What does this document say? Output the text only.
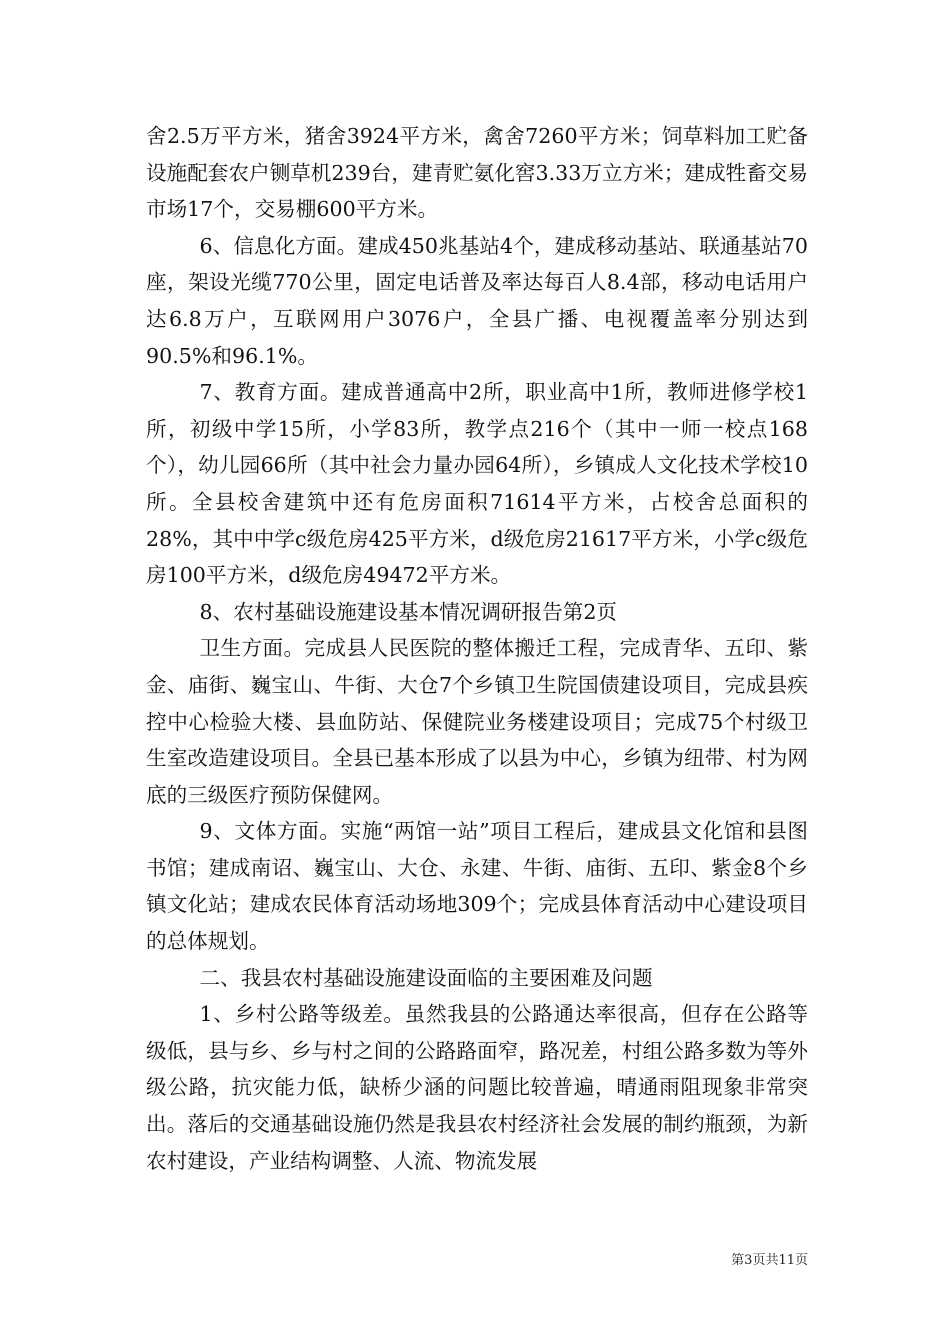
舍2.5万平方米，猪舍3924平方米，禽舍7260平方米；饲草料加工贮备设施配套农户铡草机239台，建青贮氨化窖3.33万立方米；建成牲畜交易市场17个，交易棚600平方米。

6、信息化方面。建成450兆基站4个，建成移动基站、联通基站70座，架设光缆770公里，固定电话普及率达每百人8.4部，移动电话用户达6.8万户，互联网用户3076户，全县广播、电视覆盖率分别达到90.5%和96.1%。

7、教育方面。建成普通高中2所，职业高中1所，教师进修学校1所，初级中学15所，小学83所，教学点216个（其中一师一校点168个），幼儿园66所（其中社会力量办园64所），乡镇成人文化技术学校10所。全县校舍建筑中还有危房面积71614平方米，占校舍总面积的28%，其中中学c级危房425平方米，d级危房21617平方米，小学c级危房100平方米，d级危房49472平方米。

8、农村基础设施建设基本情况调研报告第2页

卫生方面。完成县人民医院的整体搬迁工程，完成青华、五印、紫金、庙街、巍宝山、牛街、大仓7个乡镇卫生院国债建设项目，完成县疾控中心检验大楼、县血防站、保健院业务楼建设项目；完成75个村级卫生室改造建设项目。全县已基本形成了以县为中心，乡镇为纽带、村为网底的三级医疗预防保健网。

9、文体方面。实施“两馆一站”项目工程后，建成县文化馆和县图书馆；建成南诏、巍宝山、大仓、永建、牛街、庙街、五印、紫金8个乡镇文化站；建成农民体育活动场地309个；完成县体育活动中心建设项目的总体规划。

二、我县农村基础设施建设面临的主要困难及问题

1、乡村公路等级差。虽然我县的公路通达率很高，但存在公路等级低，县与乡、乡与村之间的公路路面窄，路况差，村组公路多数为等外级公路，抗灾能力低，缺桥少涵的问题比较普遍，晴通雨阻现象非常突出。落后的交通基础设施仍然是我县农村经济社会发展的制约瓶颈，为新农村建设，产业结构调整、人流、物流发展

第3页共11页
